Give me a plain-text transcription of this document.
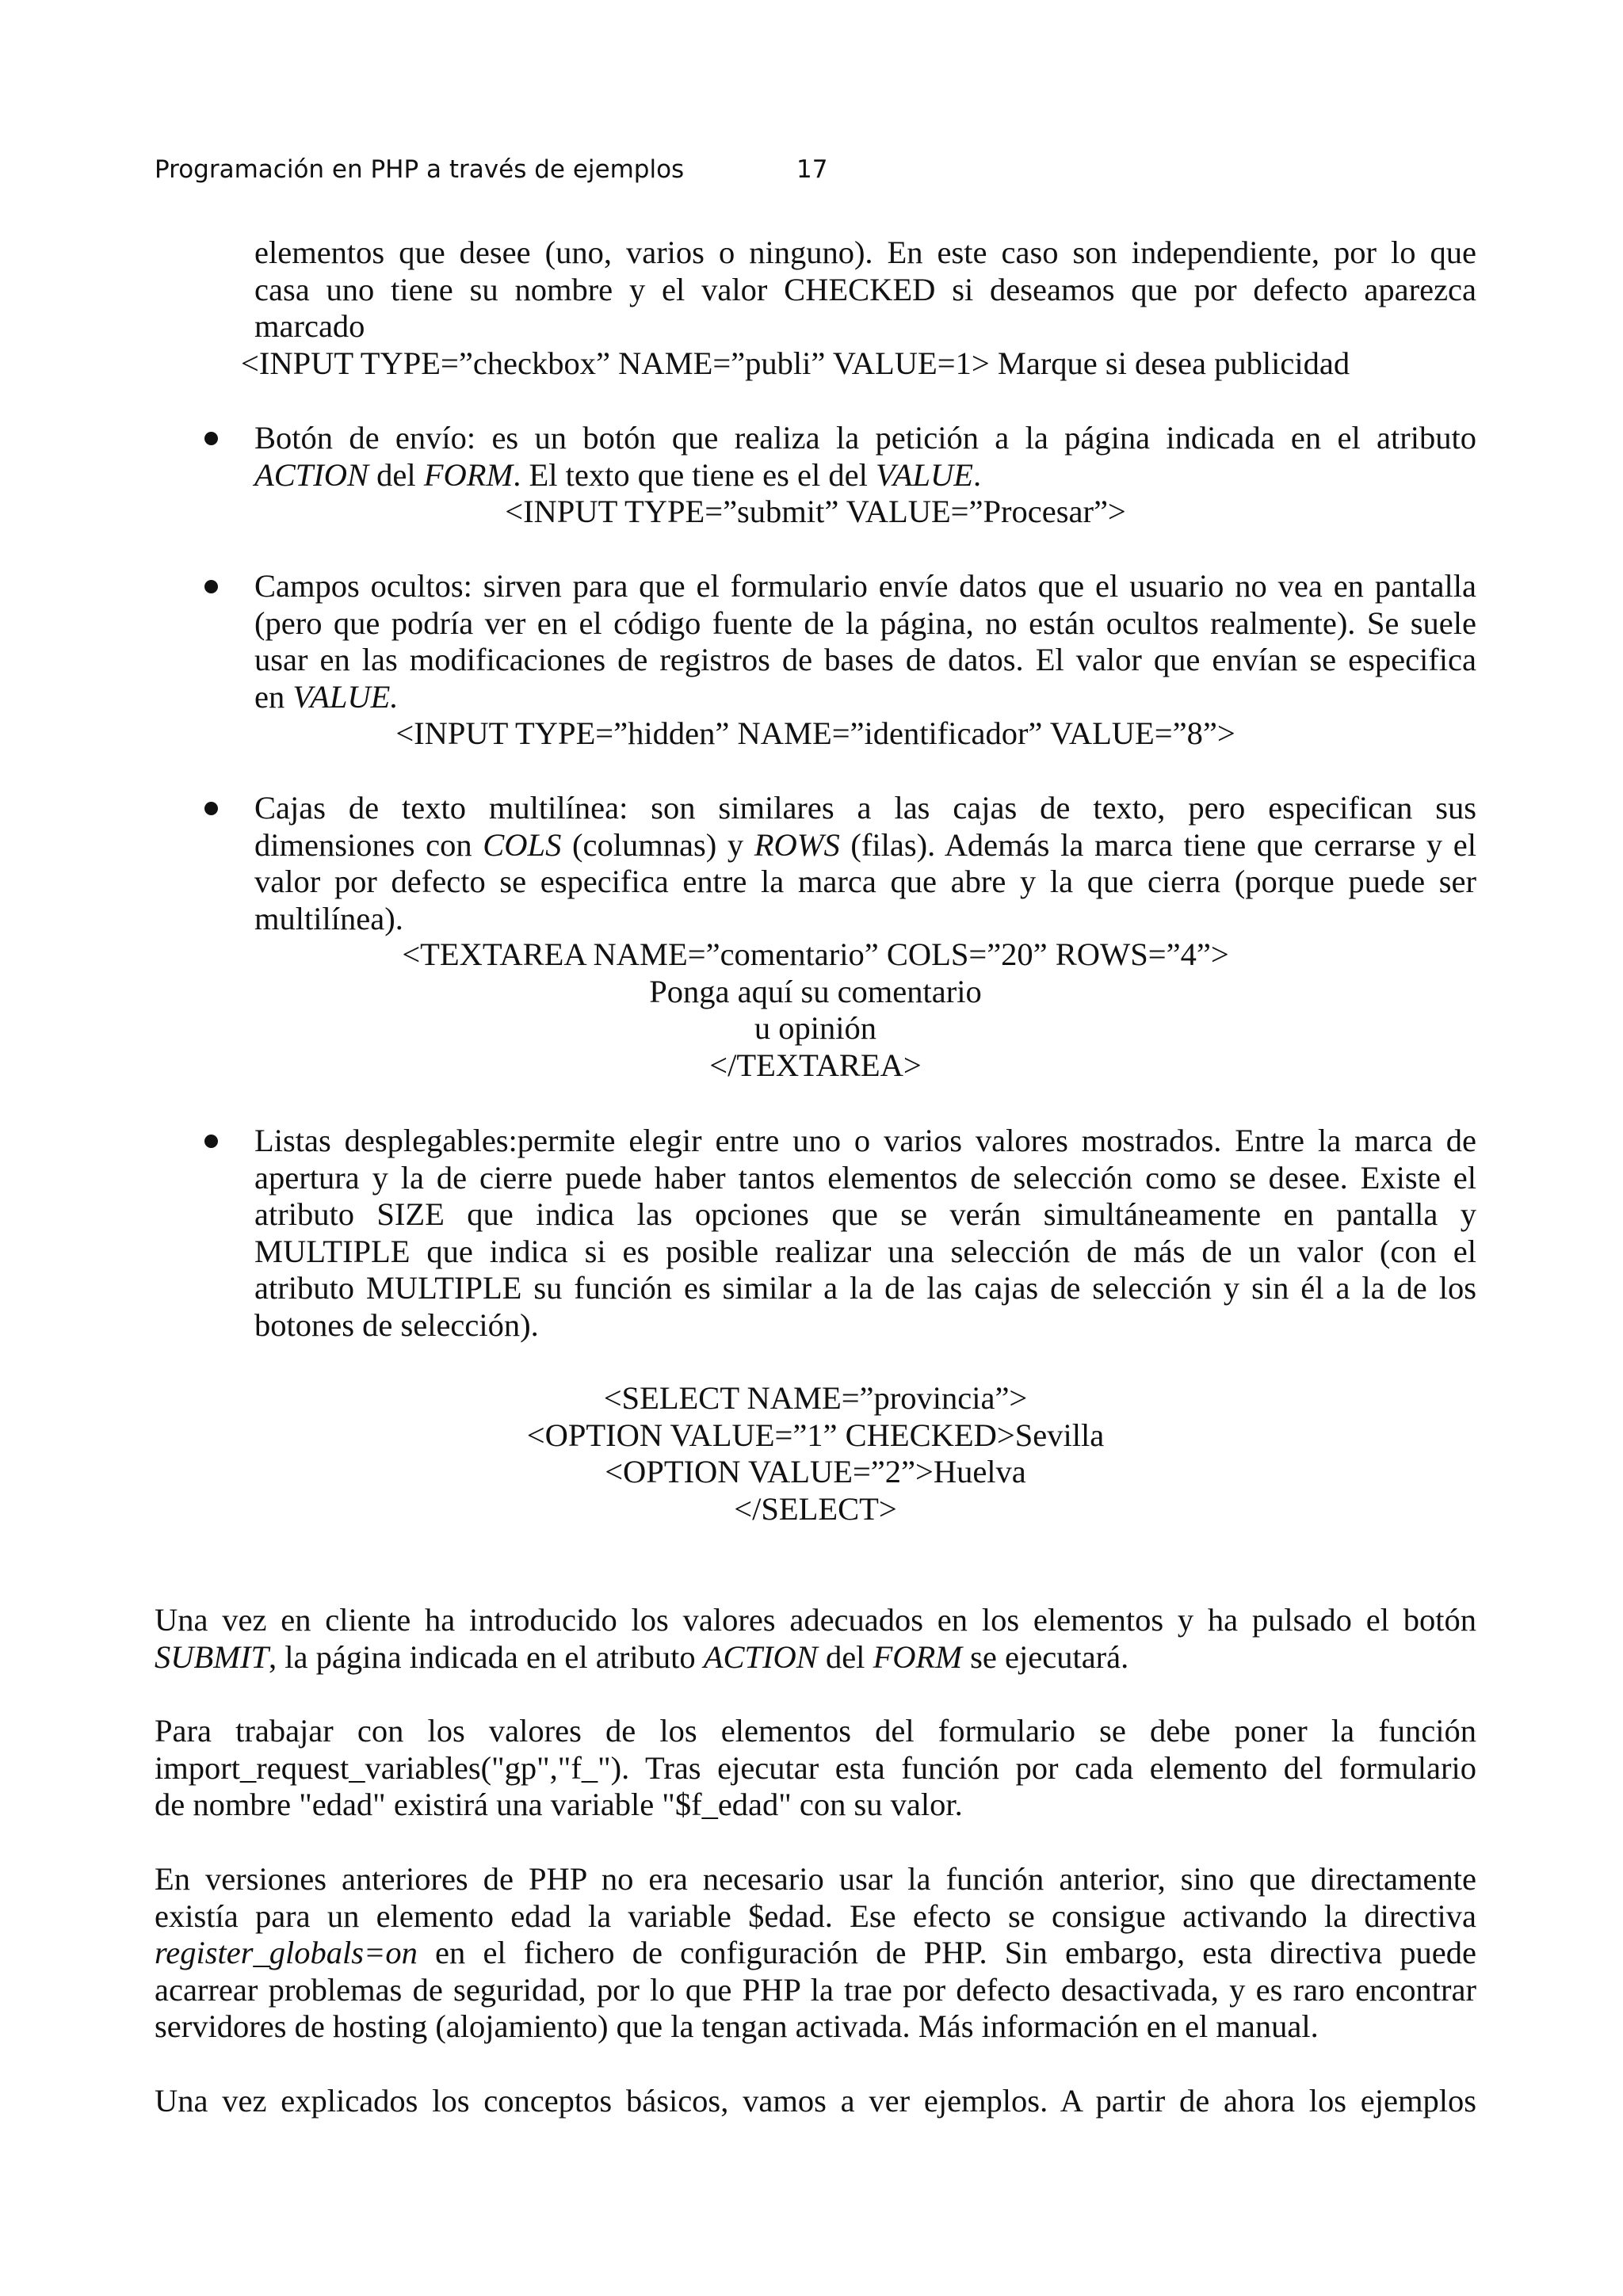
Programación en PHP a través de ejemplos	17
elementos que desee (uno, varios o ninguno). En este caso son independiente, por lo que
casa uno tiene su nombre y el valor CHECKED si deseamos que por defecto aparezca
marcado
<INPUT TYPE=”checkbox” NAME=”publi” VALUE=1> Marque si desea publicidad
Botón de envío: es un botón que realiza la petición a la página indicada en el atributo
ACTION del FORM. El texto que tiene es el del VALUE.
<INPUT TYPE=”submit” VALUE=”Procesar”>
Campos ocultos: sirven para que el formulario envíe datos que el usuario no vea en pantalla
(pero que podría ver en el código fuente de la página, no están ocultos realmente). Se suele
usar en las modificaciones de registros de bases de datos. El valor que envían se especifica
en VALUE.
<INPUT TYPE=”hidden” NAME=”identificador” VALUE=”8”>
Cajas de texto multilínea: son similares a las cajas de texto, pero especifican sus
dimensiones con COLS (columnas) y ROWS (filas). Además la marca tiene que cerrarse y el
valor por defecto se especifica entre la marca que abre y la que cierra (porque puede ser
multilínea).
<TEXTAREA NAME=”comentario” COLS=”20” ROWS=”4”>
Ponga aquí su comentario
u opinión
</TEXTAREA>
Listas desplegables:permite elegir entre uno o varios valores mostrados. Entre la marca de
apertura y la de cierre puede haber tantos elementos de selección como se desee. Existe el
atributo SIZE que indica las opciones que se verán simultáneamente en pantalla y
MULTIPLE que indica si es posible realizar una selección de más de un valor (con el
atributo MULTIPLE su función es similar a la de las cajas de selección y sin él a la de los
botones de selección).
<SELECT NAME=”provincia”>
<OPTION VALUE=”1” CHECKED>Sevilla
<OPTION VALUE=”2”>Huelva
</SELECT>
Una vez en cliente ha introducido los valores adecuados en los elementos y ha pulsado el botón
SUBMIT, la página indicada en el atributo ACTION del FORM se ejecutará.
Para trabajar con los valores de los elementos del formulario se debe poner la función
import_request_variables("gp","f_"). Tras ejecutar esta función por cada elemento del formulario
de nombre "edad" existirá una variable "$f_edad" con su valor.
En versiones anteriores de PHP no era necesario usar la función anterior, sino que directamente
existía para un elemento edad la variable $edad. Ese efecto se consigue activando la directiva
register_globals=on en el fichero de configuración de PHP. Sin embargo, esta directiva puede
acarrear problemas de seguridad, por lo que PHP la trae por defecto desactivada, y es raro encontrar
servidores de hosting (alojamiento) que la tengan activada. Más información en el manual.
Una vez explicados los conceptos básicos, vamos a ver ejemplos. A partir de ahora los ejemplos
